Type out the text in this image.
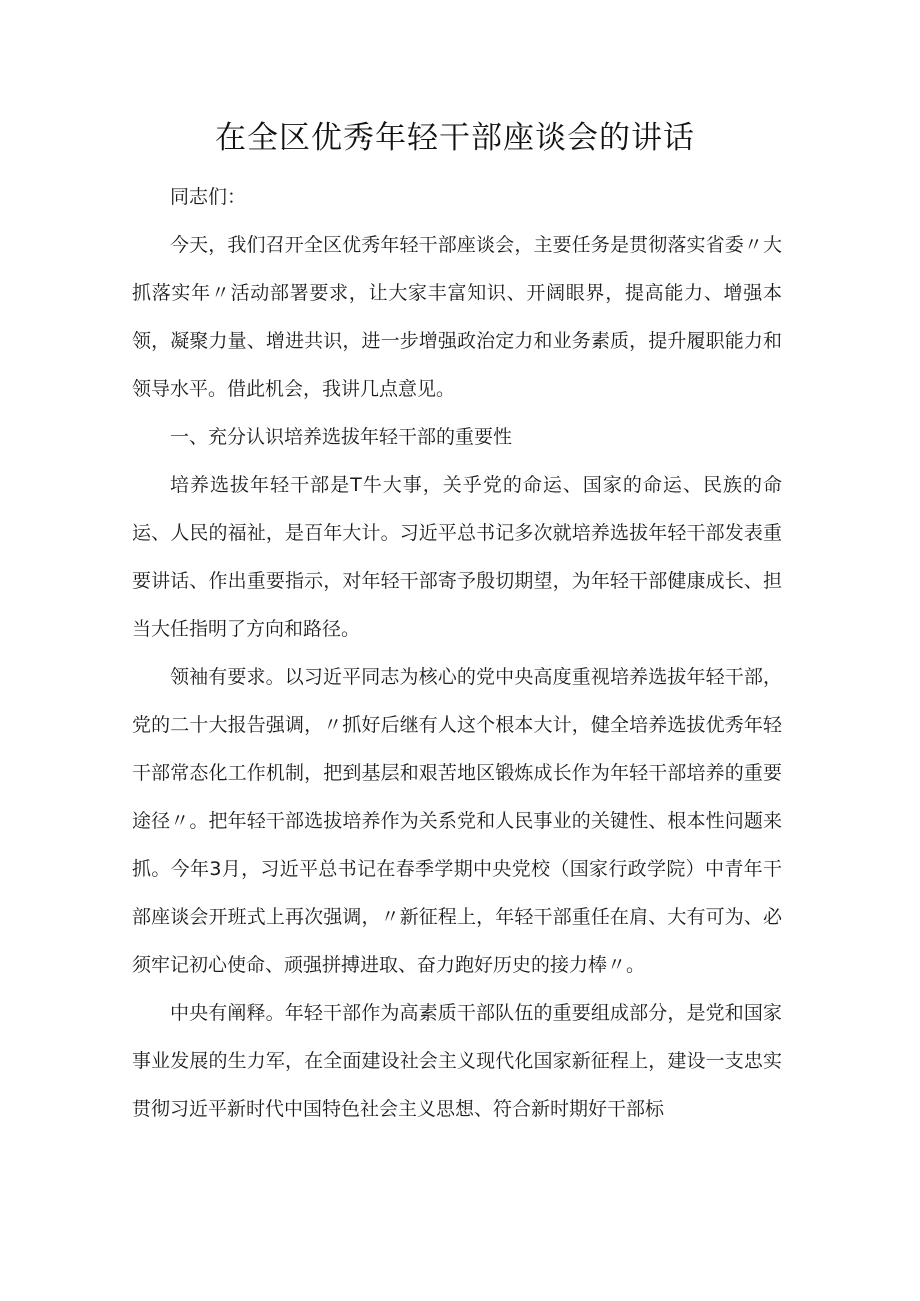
在全区优秀年轻干部座谈会的讲话

同志们：

今天，我们召开全区优秀年轻干部座谈会，主要任务是贯彻落实省委〃大抓落实年〃活动部署要求，让大家丰富知识、开阔眼界，提高能力、增强本领，凝聚力量、增进共识，进一步增强政治定力和业务素质，提升履职能力和领导水平。借此机会，我讲几点意见。

一、充分认识培养选拔年轻干部的重要性

培养选拔年轻干部是T牛大事，关乎党的命运、国家的命运、民族的命运、人民的福祉，是百年大计。习近平总书记多次就培养选拔年轻干部发表重要讲话、作出重要指示，对年轻干部寄予殷切期望，为年轻干部健康成长、担当大任指明了方向和路径。

领袖有要求。以习近平同志为核心的党中央高度重视培养选拔年轻干部，党的二十大报告强调，〃抓好后继有人这个根本大计，健全培养选拔优秀年轻干部常态化工作机制，把到基层和艰苦地区锻炼成长作为年轻干部培养的重要途径〃。把年轻干部选拔培养作为关系党和人民事业的关键性、根本性问题来抓。今年3月，习近平总书记在春季学期中央党校（国家行政学院）中青年干部座谈会开班式上再次强调，〃新征程上，年轻干部重任在肩、大有可为、必须牢记初心使命、顽强拼搏进取、奋力跑好历史的接力棒〃。

中央有阐释。年轻干部作为高素质干部队伍的重要组成部分，是党和国家事业发展的生力军，在全面建设社会主义现代化国家新征程上，建设一支忠实贯彻习近平新时代中国特色社会主义思想、符合新时期好干部标
